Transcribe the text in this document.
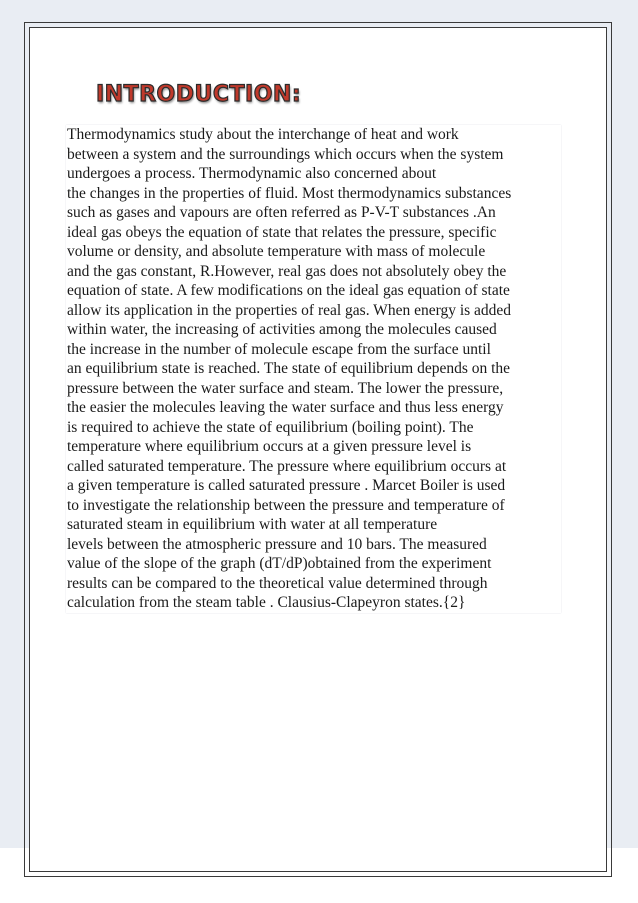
INTRODUCTION:
Thermodynamics study about the interchange of heat and work
between a system and the surroundings which occurs when the system
undergoes a process. Thermodynamic also concerned about
the changes in the properties of fluid. Most thermodynamics substances
such as gases and vapours are often referred as P-V-T substances .An
ideal gas obeys the equation of state that relates the pressure, specific
volume or density, and absolute temperature with mass of molecule
and the gas constant, R.However, real gas does not absolutely obey the
equation of state. A few modifications on the ideal gas equation of state
allow its application in the properties of real gas. When energy is added
within water, the increasing of activities among the molecules caused
the increase in the number of molecule escape from the surface until
an equilibrium state is reached. The state of equilibrium depends on the
pressure between the water surface and steam. The lower the pressure,
the easier the molecules leaving the water surface and thus less energy
is required to achieve the state of equilibrium (boiling point). The
temperature where equilibrium occurs at a given pressure level is
called saturated temperature. The pressure where equilibrium occurs at
a given temperature is called saturated pressure . Marcet Boiler is used
to investigate the relationship between the pressure and temperature of
saturated steam in equilibrium with water at all temperature
levels between the atmospheric pressure and 10 bars. The measured
value of the slope of the graph (dT/dP)obtained from the experiment
results can be compared to the theoretical value determined through
calculation from the steam table . Clausius-Clapeyron states.{2}
